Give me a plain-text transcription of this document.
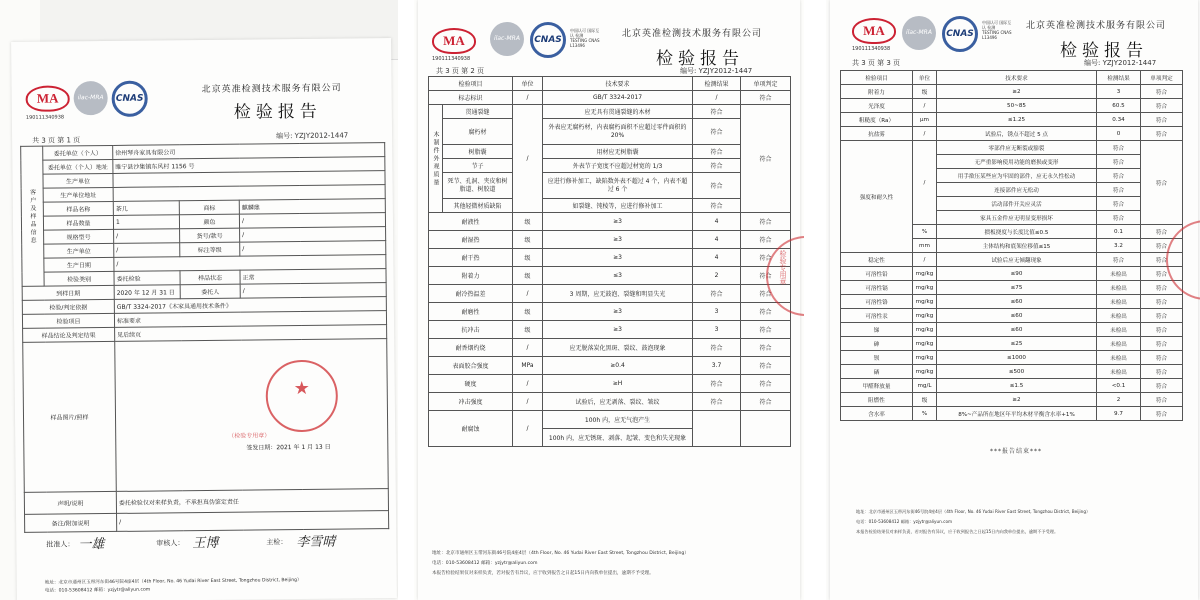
MA
190111340938
ilac-MRA	CNAS
北京英准检测技术服务有限公司
检验报告
共 3 页 第 1 页
编号: YZJY2012-1447
客户及样品信息	委托单位（个人）	徐州琴舟家具有限公司		
	委托单位（个人）地址	睢宁县沙集镇东风村 1156 号		
	生产单位			
	生产单位地址			
	样品名称	茶几	商标	麒麟鼎
	样品数量	1	颜色	/
	规格型号	/	货号/款号	/
	生产单位	/	标注等级	/
	生产日期	/		
	检验类别	委托检验	样品状态	正常
到样日期		2020 年 12 月 31 日	委托人	/
检验/判定依据		GB/T 3324-2017《木家具通用技术条件》		
检验项目		标准要求		
样品结论及判定结果		见后续页		
样品图片/照样		★
（检验专用章）
签发日期：2021 年 1 月 13 日		

声明/说明		委托检验仅对来样负责，不承担真伪鉴定责任		
备注/附加说明		/		
批准人： 一雄	审核人： 王博	主检： 李雪晴
地址：北京市通州区玉带河东街46号院4座4层（4th Floor, No. 46 Yudai River East Street, Tongzhou District, Beijing）
电话：010-53608412 邮箱：yzjytr@aliyun.com
MA
190111340938
ilac-MRA	CNAS
中国认可 国际互认 检测 TESTING CNAS L13496
北京英准检测技术服务有限公司
检验报告
共 3 页 第 2 页	编号: YZJY2012-1447
检验项目		单位	技术要求	检测结果	单项判定
标志标识		/	GB/T 3324-2017	/	符合
木制件外观质量	贯通裂缝	/	应无具有贯通裂缝的木材	符合	符合
	腐朽材		外表应无腐朽材，内表腐朽面积不应超过零件面积的 20%	符合	
	树脂囊		用材应无树脂囊	符合	
	节子		外表节子宽度不应超过材宽的 1/3	符合	
	死节、孔洞、夹皮和树脂道、树胶道		应进行修补加工，缺陷数外表不超过 4 个，内表不超过 6 个	符合	
	其他轻微材质缺陷		如裂缝、钝棱等，应进行修补加工	符合	
耐液性		级	≥3	4	符合
耐湿热		级	≥3	4	符合
耐干热		级	≥3	4	符合
附着力		级	≤3	2	符合
耐冷热温差		/	3 周期，应无鼓泡、裂缝和明显失光	符合	符合
耐磨性		级	≥3	3	符合
抗冲击		级	≥3	3	符合
耐香烟灼烧		/	应无脱落炭化黑斑、裂纹、鼓泡现象	符合	符合
表面胶合强度		MPa	≥0.4	3.7	符合
硬度		/	≥H	符合	符合
冲击强度		/	试验后，应无剥落、裂纹、皱纹	符合	符合
耐腐蚀		/	100h 内，应无气泡产生		
			100h 内，应无锈斑、剥落、起皱、变色和失光现象		
检验专用章
地址：北京市通州区玉带河东街46号院4座4层（4th Floor, No. 46 Yudai River East Street, Tongzhou District, Beijing）
电话：010-53608412 邮箱：yzjytr@aliyun.com
本报告检验结果仅对来样负责，若对报告有异议，应于收到报告之日起15日内向我单位提出，逾期不予受理。
MA
190111340938
ilac-MRA	CNAS
中国认可 国际互认 检测 TESTING CNAS L13496
北京英准检测技术服务有限公司
检验报告
共 3 页 第 3 页	编号: YZJY2012-1447
检验项目	单位	技术要求	检测结果	单项判定
附着力	级	≥2	3	符合
光泽度	/	50~85	60.5	符合
粗糙度（Ra）	μm	≤1.25	0.34	符合
抗盐雾	/	试验后，锈点不超过 5 点	0	符合
强度和耐久性	/	零部件应无断裂或豁裂	符合	符合
		无严重影响使用功能的磨损或变形	符合	
		用手揿压某些应为牢固的部件，应无永久性松动	符合	
		连接部件应无松动	符合	
		活动部件开关应灵活	符合	
		家具五金件应无明显变形损坏	符合	
	%	掼板挠度与长度比值≤0.5	0.1	符合
	mm	主体结构和底架位移值≤15	3.2	符合
稳定性	/	试验后应无倾翻现象	符合	符合
可溶性铅	mg/kg	≤90	未检出	符合
可溶性镉	mg/kg	≤75	未检出	符合
可溶性铬	mg/kg	≤60	未检出	符合
可溶性汞	mg/kg	≤60	未检出	符合
锑	mg/kg	≤60	未检出	符合
砷	mg/kg	≤25	未检出	符合
钡	mg/kg	≤1000	未检出	符合
硒	mg/kg	≤500	未检出	符合
甲醛释放量	mg/L	≤1.5	<0.1	符合
阻燃性	级	≥2	2	符合
含水率	%	8%~产品所在地区年平均木材平衡含水率+1%	9.7	符合
***报告结束***
地址：北京市通州区玉带河东街46号院4座4层（4th Floor, No. 46 Yudai River East Street, Tongzhou District, Beijing）
电话：010-53608412 邮箱：yzjytr@aliyun.com
本报告检验结果仅对来样负责，若对报告有异议，应于收到报告之日起15日内向我单位提出，逾期不予受理。
